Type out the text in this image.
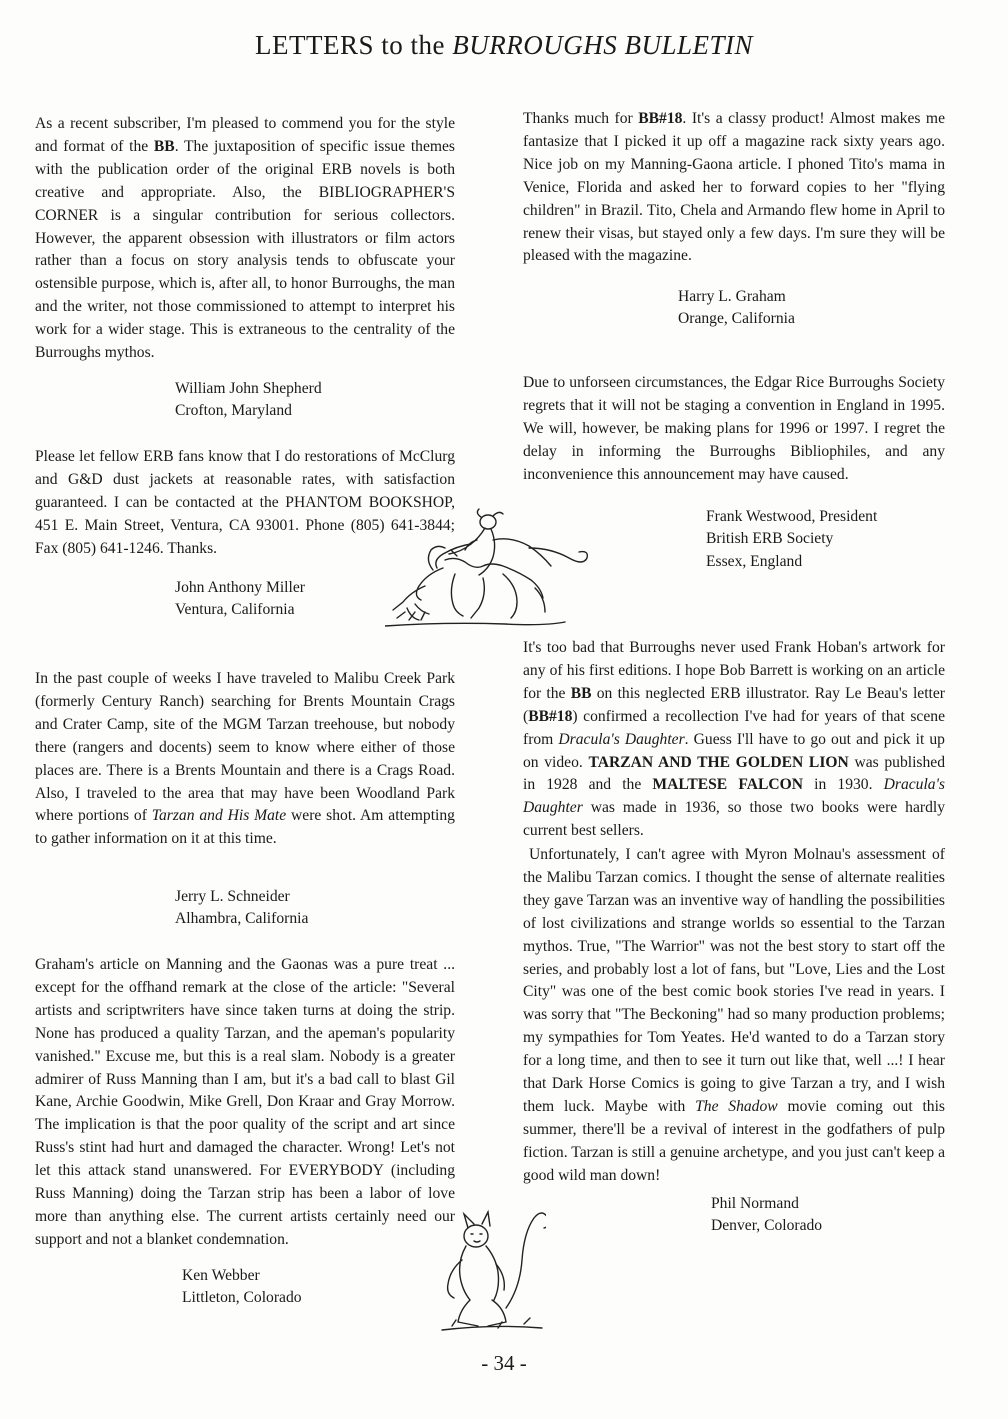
LETTERS to the BURROUGHS BULLETIN

As a recent subscriber, I'm pleased to commend you for the style and format of the BB. The juxtaposition of specific issue themes with the publication order of the original ERB novels is both creative and appropriate. Also, the BIBLIOGRAPHER'S CORNER is a singular contribution for serious collectors. However, the apparent obsession with illustrators or film actors rather than a focus on story analysis tends to obfuscate your ostensible purpose, which is, after all, to honor Burroughs, the man and the writer, not those commissioned to attempt to interpret his work for a wider stage. This is extraneous to the centrality of the Burroughs mythos.

William John Shepherd
Crofton, Maryland

Please let fellow ERB fans know that I do restorations of McClurg and G&D dust jackets at reasonable rates, with satisfaction guaranteed. I can be contacted at the PHANTOM BOOKSHOP, 451 E. Main Street, Ventura, CA 93001. Phone (805) 641-3844; Fax (805) 641-1246. Thanks.

John Anthony Miller
Ventura, California

In the past couple of weeks I have traveled to Malibu Creek Park (formerly Century Ranch) searching for Brents Mountain Crags and Crater Camp, site of the MGM Tarzan treehouse, but nobody there (rangers and docents) seem to know where either of those places are. There is a Brents Mountain and there is a Crags Road. Also, I traveled to the area that may have been Woodland Park where portions of Tarzan and His Mate were shot. Am attempting to gather information on it at this time.

Jerry L. Schneider
Alhambra, California

Graham's article on Manning and the Gaonas was a pure treat ... except for the offhand remark at the close of the article: "Several artists and scriptwriters have since taken turns at doing the strip. None has produced a quality Tarzan, and the apeman's popularity vanished." Excuse me, but this is a real slam. Nobody is a greater admirer of Russ Manning than I am, but it's a bad call to blast Gil Kane, Archie Goodwin, Mike Grell, Don Kraar and Gray Morrow. The implication is that the poor quality of the script and art since Russ's stint had hurt and damaged the character. Wrong! Let's not let this attack stand unanswered. For EVERYBODY (including Russ Manning) doing the Tarzan strip has been a labor of love more than anything else. The current artists certainly need our support and not a blanket condemnation.

Ken Webber
Littleton, Colorado

Thanks much for BB#18. It's a classy product! Almost makes me fantasize that I picked it up off a magazine rack sixty years ago. Nice job on my Manning-Gaona article. I phoned Tito's mama in Venice, Florida and asked her to forward copies to her "flying children" in Brazil. Tito, Chela and Armando flew home in April to renew their visas, but stayed only a few days. I'm sure they will be pleased with the magazine.

Harry L. Graham
Orange, California

Due to unforseen circumstances, the Edgar Rice Burroughs Society regrets that it will not be staging a convention in England in 1995. We will, however, be making plans for 1996 or 1997. I regret the delay in informing the Burroughs Bibliophiles, and any inconvenience this announcement may have caused.

Frank Westwood, President
British ERB Society
Essex, England

It's too bad that Burroughs never used Frank Hoban's artwork for any of his first editions. I hope Bob Barrett is working on an article for the BB on this neglected ERB illustrator. Ray Le Beau's letter (BB#18) confirmed a recollection I've had for years of that scene from Dracula's Daughter. Guess I'll have to go out and pick it up on video. TARZAN AND THE GOLDEN LION was published in 1928 and the MALTESE FALCON in 1930. Dracula's Daughter was made in 1936, so those two books were hardly current best sellers.

Unfortunately, I can't agree with Myron Molnau's assessment of the Malibu Tarzan comics. I thought the sense of alternate realities they gave Tarzan was an inventive way of handling the possibilities of lost civilizations and strange worlds so essential to the Tarzan mythos. True, "The Warrior" was not the best story to start off the series, and probably lost a lot of fans, but "Love, Lies and the Lost City" was one of the best comic book stories I've read in years. I was sorry that "The Beckoning" had so many production problems; my sympathies for Tom Yeates. He'd wanted to do a Tarzan story for a long time, and then to see it turn out like that, well ...! I hear that Dark Horse Comics is going to give Tarzan a try, and I wish them luck. Maybe with The Shadow movie coming out this summer, there'll be a revival of interest in the godfathers of pulp fiction. Tarzan is still a genuine archetype, and you just can't keep a good wild man down!

Phil Normand
Denver, Colorado

- 34 -
